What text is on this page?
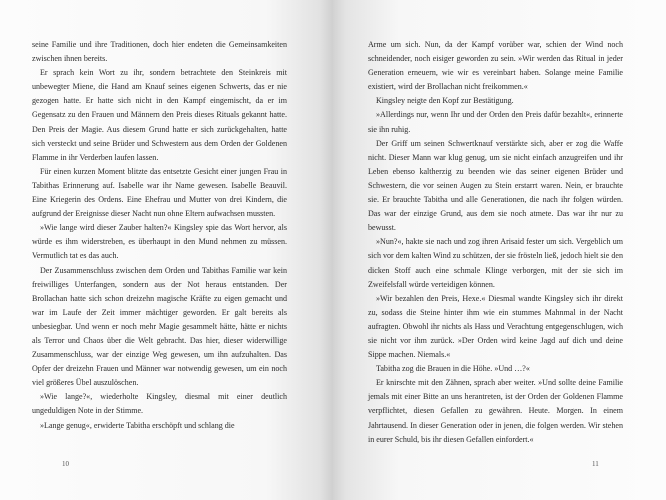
seine Familie und ihre Traditionen, doch hier endeten die Gemeinsamkeiten zwischen ihnen bereits.

Er sprach kein Wort zu ihr, sondern betrachtete den Steinkreis mit unbewegter Miene, die Hand am Knauf seines eigenen Schwerts, das er nie gezogen hatte. Er hatte sich nicht in den Kampf eingemischt, da er im Gegensatz zu den Frauen und Männern den Preis dieses Rituals gekannt hatte. Den Preis der Magie. Aus diesem Grund hatte er sich zurückgehalten, hatte sich versteckt und seine Brüder und Schwestern aus dem Orden der Goldenen Flamme in ihr Verderben laufen lassen.

Für einen kurzen Moment blitzte das entsetzte Gesicht einer jungen Frau in Tabithas Erinnerung auf. Isabelle war ihr Name gewesen. Isabelle Beauvil. Eine Kriegerin des Ordens. Eine Ehefrau und Mutter von drei Kindern, die aufgrund der Ereignisse dieser Nacht nun ohne Eltern aufwachsen mussten.

»Wie lange wird dieser Zauber halten?« Kingsley spie das Wort hervor, als würde es ihm widerstreben, es überhaupt in den Mund nehmen zu müssen. Vermutlich tat es das auch.

Der Zusammenschluss zwischen dem Orden und Tabithas Familie war kein freiwilliges Unterfangen, sondern aus der Not heraus entstanden. Der Brollachan hatte sich schon dreizehn magische Kräfte zu eigen gemacht und war im Laufe der Zeit immer mächtiger geworden. Er galt bereits als unbesiegbar. Und wenn er noch mehr Magie gesammelt hätte, hätte er nichts als Terror und Chaos über die Welt gebracht. Das hier, dieser widerwillige Zusammenschluss, war der einzige Weg gewesen, um ihn aufzuhalten. Das Opfer der dreizehn Frauen und Männer war notwendig gewesen, um ein noch viel größeres Übel auszulöschen.

»Wie lange?«, wiederholte Kingsley, diesmal mit einer deutlich ungeduldigen Note in der Stimme.

»Lange genug«, erwiderte Tabitha erschöpft und schlang die

10

Arme um sich. Nun, da der Kampf vorüber war, schien der Wind noch schneidender, noch eisiger geworden zu sein. »Wir werden das Ritual in jeder Generation erneuern, wie wir es vereinbart haben. Solange meine Familie existiert, wird der Brollachan nicht freikommen.«

Kingsley neigte den Kopf zur Bestätigung.

»Allerdings nur, wenn Ihr und der Orden den Preis dafür bezahlt«, erinnerte sie ihn ruhig.

Der Griff um seinen Schwertknauf verstärkte sich, aber er zog die Waffe nicht. Dieser Mann war klug genug, um sie nicht einfach anzugreifen und ihr Leben ebenso kaltherzig zu beenden wie das seiner eigenen Brüder und Schwestern, die vor seinen Augen zu Stein erstarrt waren. Nein, er brauchte sie. Er brauchte Tabitha und alle Generationen, die nach ihr folgen würden. Das war der einzige Grund, aus dem sie noch atmete. Das war ihr nur zu bewusst.

»Nun?«, hakte sie nach und zog ihren Arisaid fester um sich. Vergeblich um sich vor dem kalten Wind zu schützen, der sie frösteln ließ, jedoch hielt sie den dicken Stoff auch eine schmale Klinge verborgen, mit der sie sich im Zweifelsfall würde verteidigen können.

»Wir bezahlen den Preis, Hexe.« Diesmal wandte Kingsley sich ihr direkt zu, sodass die Steine hinter ihm wie ein stummes Mahnmal in der Nacht aufragten. Obwohl ihr nichts als Hass und Verachtung entgegenschlugen, wich sie nicht vor ihm zurück. »Der Orden wird keine Jagd auf dich und deine Sippe machen. Niemals.«

Tabitha zog die Brauen in die Höhe. »Und …?«

Er knirschte mit den Zähnen, sprach aber weiter. »Und sollte deine Familie jemals mit einer Bitte an uns herantreten, ist der Orden der Goldenen Flamme verpflichtet, diesen Gefallen zu gewähren. Heute. Morgen. In einem Jahrtausend. In dieser Generation oder in jenen, die folgen werden. Wir stehen in eurer Schuld, bis ihr diesen Gefallen einfordert.«

11
